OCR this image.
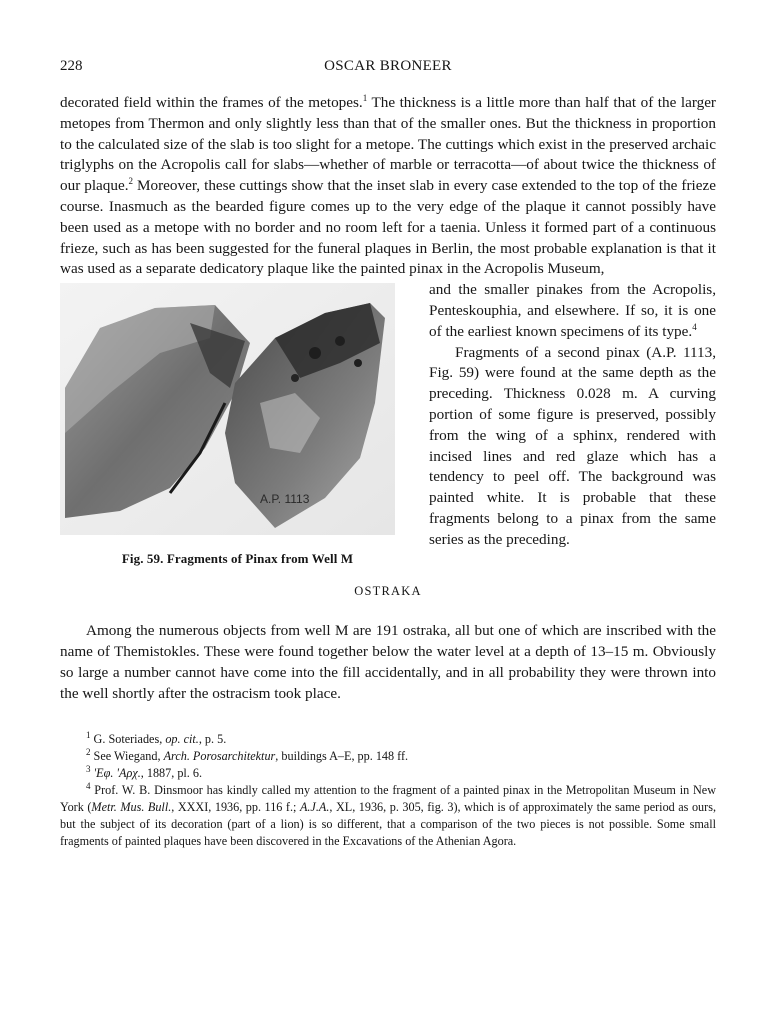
228	OSCAR BRONEER

decorated field within the frames of the metopes.$^1$ The thickness is a little more than half that of the larger metopes from Thermon and only slightly less than that of the smaller ones. But the thickness in proportion to the calculated size of the slab is too slight for a metope. The cuttings which exist in the preserved archaic triglyphs on the Acropolis call for slabs—whether of marble or terracotta—of about twice the thickness of our plaque.$^2$ Moreover, these cuttings show that the inset slab in every case extended to the top of the frieze course. Inasmuch as the bearded figure comes up to the very edge of the plaque it cannot possibly have been used as a metope with no border and no room left for a taenia. Unless it formed part of a continuous frieze, such as has been suggested for the funeral plaques in Berlin, the most probable explanation is that it was used as a separate dedicatory plaque like the painted pinax in the Acropolis Museum,

A.P. 1113
Fig. 59. Fragments of Pinax from Well M

and the smaller pinakes from the Acropolis, Penteskouphia, and elsewhere. If so, it is one of the earliest known specimens of its type.$^4$

Fragments of a second pinax (A.P. 1113, Fig. 59) were found at the same depth as the preceding. Thickness 0.028 m. A curving portion of some figure is preserved, possibly from the wing of a sphinx, rendered with incised lines and red glaze which has a tendency to peel off. The background was painted white. It is probable that these fragments belong to a pinax from the same series as the preceding.

OSTRAKA

Among the numerous objects from well M are 191 ostraka, all but one of which are inscribed with the name of Themistokles. These were found together below the water level at a depth of 13–15 m. Obviously so large a number cannot have come into the fill accidentally, and in all probability they were thrown into the well shortly after the ostracism took place.

$^1$ G. Soteriades, op. cit., p. 5.

$^2$ See Wiegand, Arch. Porosarchitektur, buildings A–E, pp. 148 ff.

$^3$ 'Εφ. 'Αρχ., 1887, pl. 6.

$^4$ Prof. W. B. Dinsmoor has kindly called my attention to the fragment of a painted pinax in the Metropolitan Museum in New York (Metr. Mus. Bull., XXXI, 1936, pp. 116 f.; A.J.A., XL, 1936, p. 305, fig. 3), which is of approximately the same period as ours, but the subject of its decoration (part of a lion) is so different, that a comparison of the two pieces is not possible. Some small fragments of painted plaques have been discovered in the Excavations of the Athenian Agora.
